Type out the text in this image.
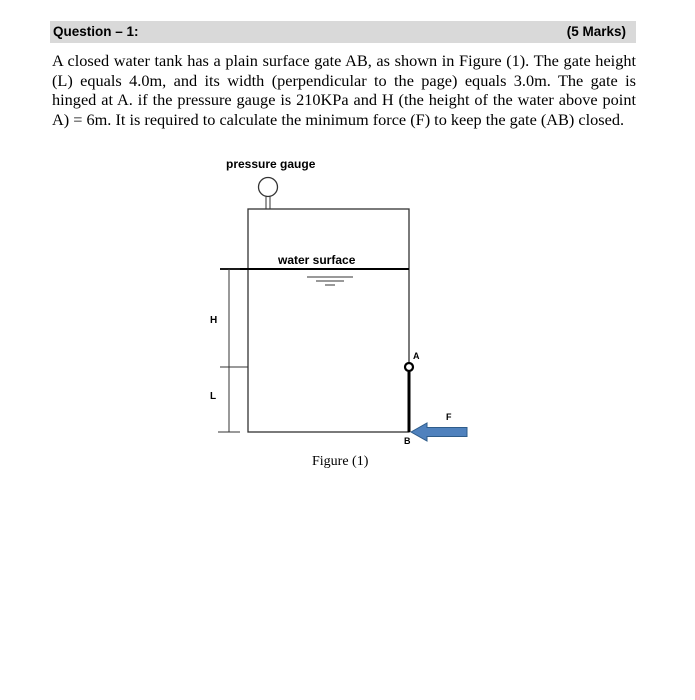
Question – 1:	(5 Marks)

A closed water tank has a plain surface gate AB, as shown in Figure (1). The gate height (L) equals 4.0m, and its width (perpendicular to the page) equals 3.0m. The gate is hinged at A. if the pressure gauge is 210KPa and H (the height of the water above point A) = 6m. It is required to calculate the minimum force (F) to keep the gate (AB) closed.

pressure gauge
water surface
H
L
A
B
F
Figure (1)
